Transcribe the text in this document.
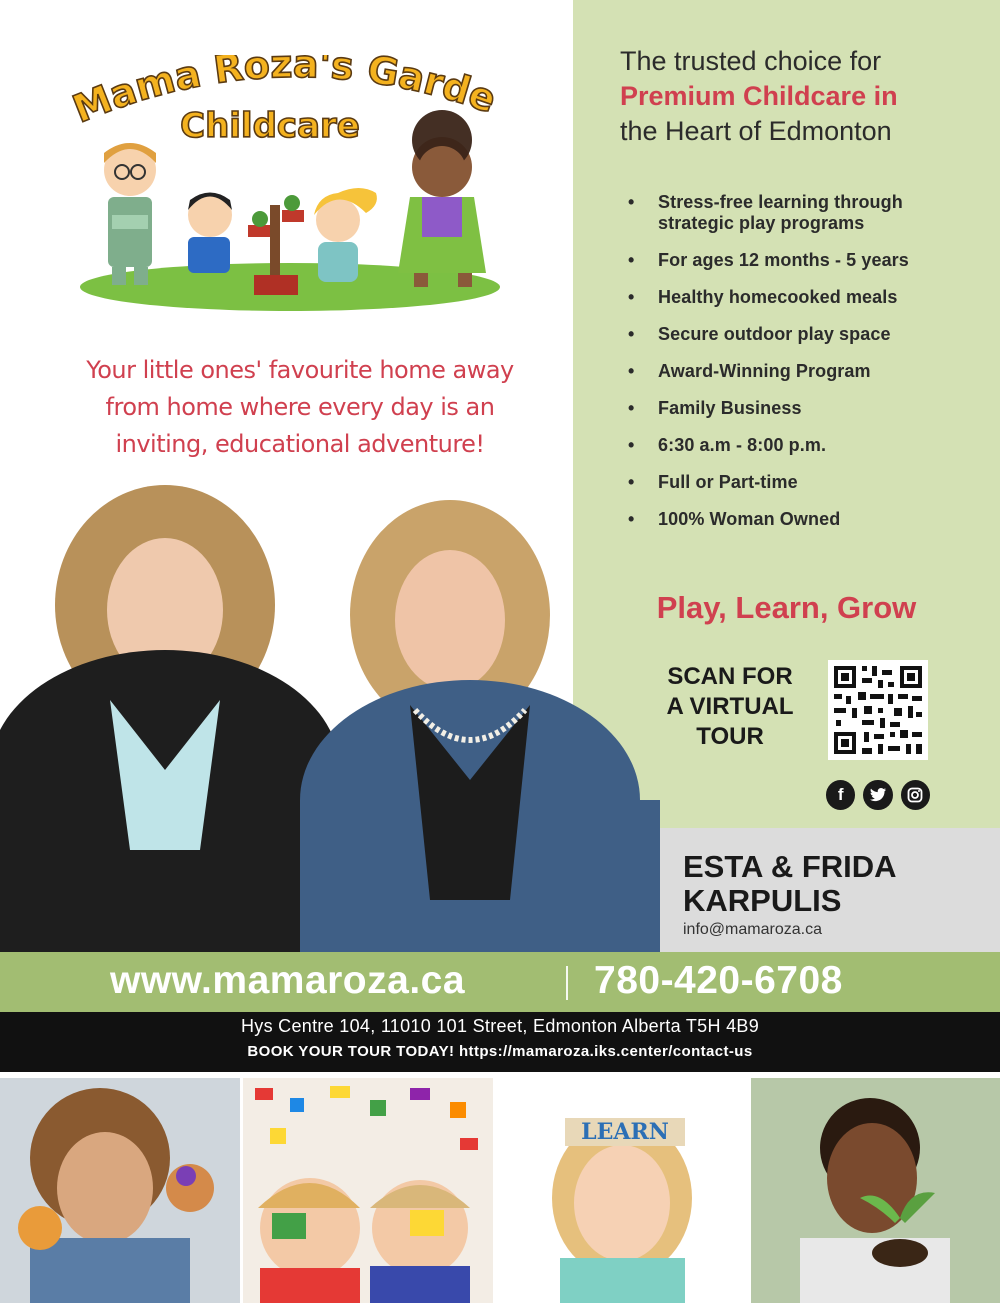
The trusted choice for
Premium Childcare in
the Heart of Edmonton
• Stress-free learning through strategic play programs
• For ages 12 months - 5 years
• Healthy homecooked meals
• Secure outdoor play space
• Award-Winning Program
• Family Business
• 6:30 a.m - 8:00 p.m.
• Full or Part-time
• 100% Woman Owned
Play, Learn, Grow
SCAN FOR
A VIRTUAL
TOUR
f
ESTA & FRIDA
KARPULIS
info@mamaroza.ca
Mama Roza's Garde
Childcare
Your little ones' favourite home away
from home where every day is an
inviting, educational adventure!
www.mamaroza.ca	780-420-6708
Hys Centre 104, 11010 101 Street, Edmonton Alberta T5H 4B9
BOOK YOUR TOUR TODAY! https://mamaroza.iks.center/contact-us
LEARN
